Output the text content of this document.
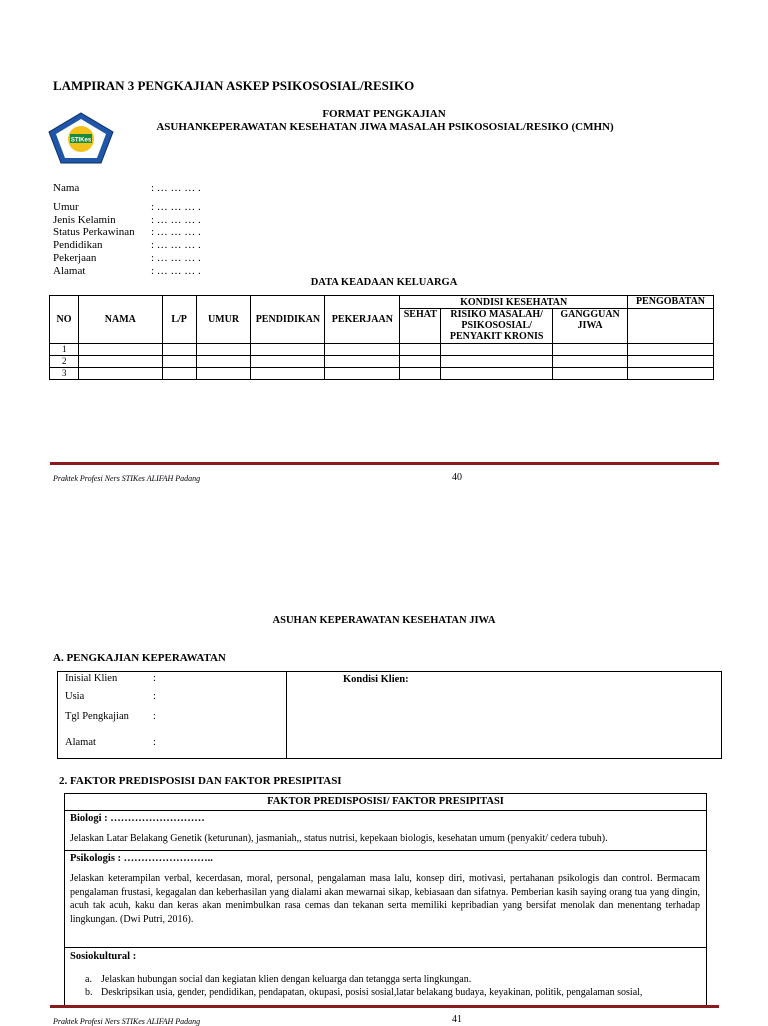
LAMPIRAN 3 PENGKAJIAN ASKEP PSIKOSOSIAL/RESIKO
STIKes
FORMAT PENGKAJIAN
ASUHANKEPERAWATAN KESEHATAN JIWA MASALAH PSIKOSOSIAL/RESIKO (CMHN)
Nama	: … … … .
Umur	: … … … .
Jenis Kelamin	: … … … .
Status Perkawinan : … … … .
Pendidikan	: … … … .
Pekerjaan	: … … … .
Alamat	: … … … .
DATA KEADAAN KELUARGA
NO	NAMA	L/P	UMUR	PENDIDIKAN	PEKERJAAN	KONDISI KESEHATAN			PENGOBATAN
						SEHAT	RISIKO MASALAH/ PSIKOSOSIAL/ PENYAKIT KRONIS	GANGGUAN JIWA	
1									
2									
3									
Praktek Profesi Ners STIKes ALIFAH Padang	40
ASUHAN KEPERAWATAN KESEHATAN JIWA
A. PENGKAJIAN KEPERAWATAN
Inisial Klien	:
Usia	:
Tgl Pengkajian :
Alamat	:
Kondisi Klien:
2. FAKTOR PREDISPOSISI DAN FAKTOR PRESIPITASI
FAKTOR PREDISPOSISI/ FAKTOR PRESIPITASI
Biologi : ………………………
Jelaskan Latar Belakang Genetik (keturunan), jasmaniah,, status nutrisi, kepekaan biologis, kesehatan umum (penyakit/ cedera tubuh).
Psikologis : ……………………..
Jelaskan keterampilan verbal, kecerdasan, moral, personal, pengalaman masa lalu, konsep diri, motivasi, pertahanan psikologis dan control. Bermacam pengalaman frustasi, kegagalan dan keberhasilan yang dialami akan mewarnai sikap, kebiasaan dan sifatnya. Pemberian kasih saying orang tua yang dingin, acuh tak acuh, kaku dan keras akan menimbulkan rasa cemas dan tekanan serta memiliki kepribadian yang bersifat menolak dan menentang terhadap lingkungan. (Dwi Putri, 2016).
Sosiokultural :
a. Jelaskan hubungan social dan kegiatan klien dengan keluarga dan tetangga serta lingkungan.
b. Deskripsikan usia, gender, pendidikan, pendapatan, okupasi, posisi sosial,latar belakang budaya, keyakinan, politik, pengalaman sosial,
Praktek Profesi Ners STIKes ALIFAH Padang	41
